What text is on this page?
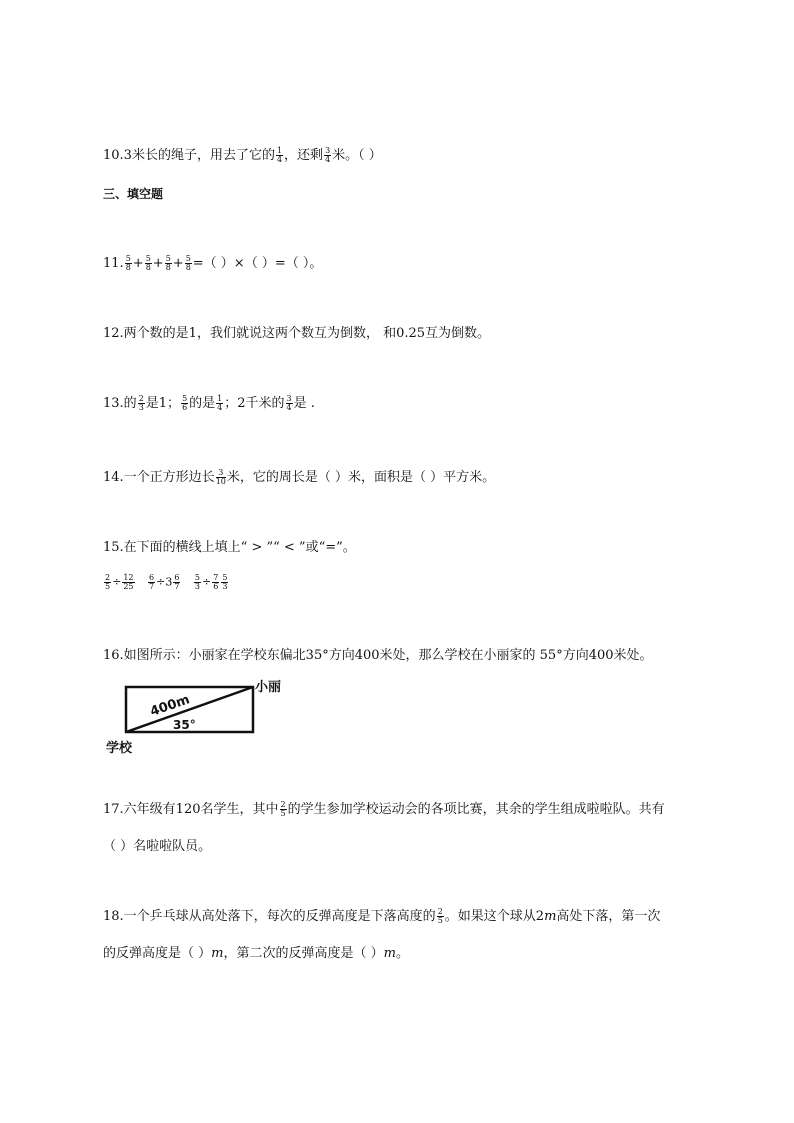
10.3米长的绳子，用去了它的 $\frac{1}{4}$ ，还剩 $\frac{3}{4}$ 米。（ ）
三、填空题
11. $\frac{5}{8} + \frac{5}{8} + \frac{5}{8} + \frac{5}{8}$ =（ ）×（ ）=（ ）。
12.两个数的是1，我们就说这两个数互为倒数， 和0.25互为倒数。
13.的 $\frac{2}{3}$ 是1； $\frac{5}{6}$ 的是 $\frac{1}{4}$ ；2千米的 $\frac{3}{4}$ 是 .
14.一个正方形边长 $\frac{3}{10}$ 米，它的周长是（ ）米，面积是（ ）平方米。
15.在下面的横线上填上“ > ”“ < ”或“=”。
$\frac{2}{5} \div \frac{12}{25}$
$\frac{6}{7} \div 3 \frac{6}{7}$
$\frac{5}{3} \div \frac{7}{6} \frac{5}{3}$
16.如图所示：小丽家在学校东偏北35°方向400米处，那么学校在小丽家的 55°方向400米处。
400m
35°
小丽
学校
17.六年级有120名学生，其中 $\frac{2}{5}$ 的学生参加学校运动会的各项比赛，其余的学生组成啦啦队。共有
（ ）名啦啦队员。
18.一个乒乓球从高处落下，每次的反弹高度是下落高度的 $\frac{2}{5}$ 。如果这个球从2m高处下落，第一次
的反弹高度是（ ）m，第二次的反弹高度是（ ）m。
